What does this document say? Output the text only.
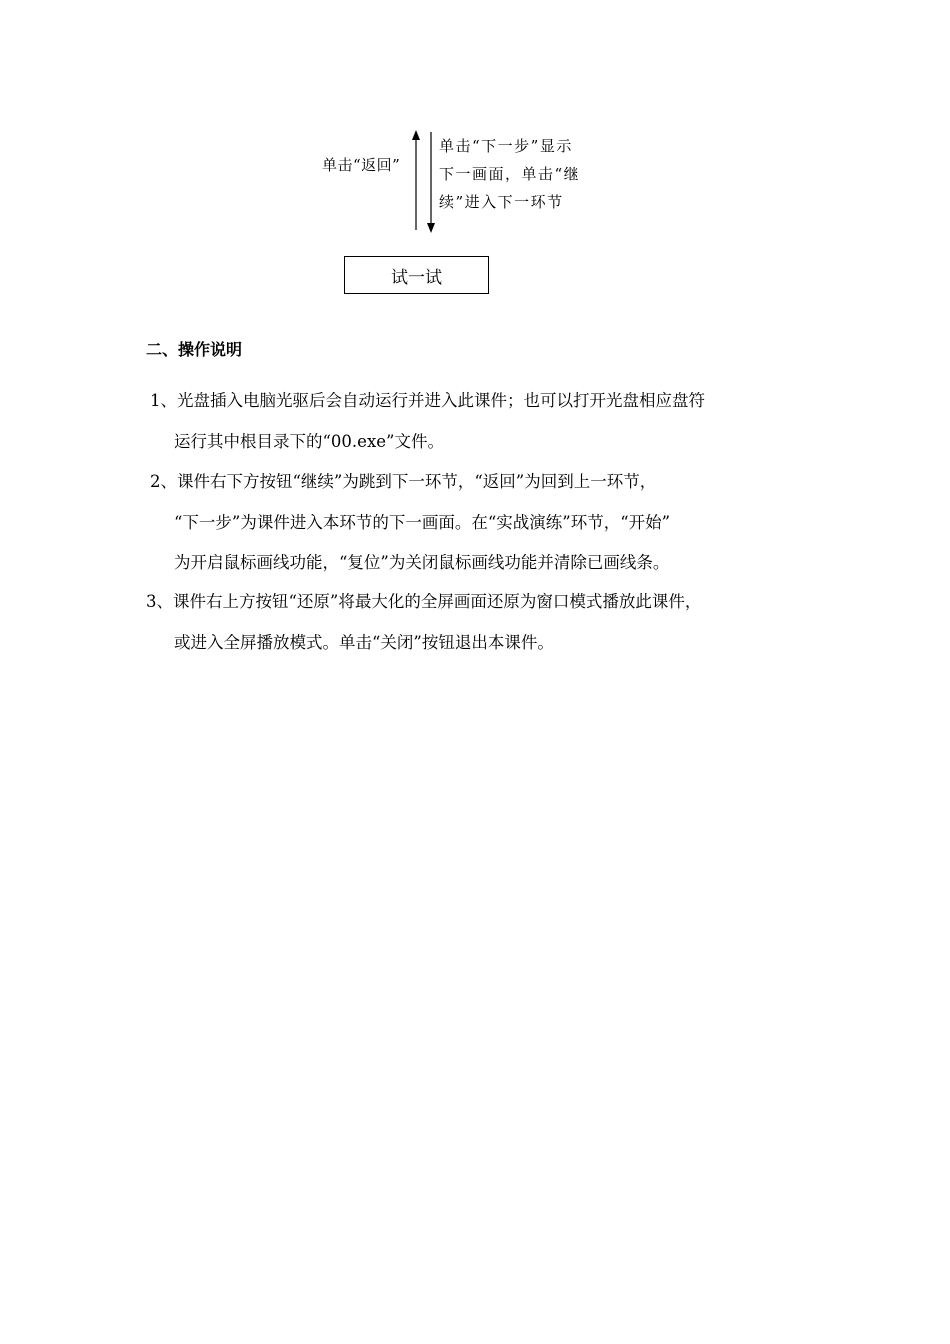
单击“返回”
单击“下一步”显示
下一画面，单击“继
续”进入下一环节
试一试
二、操作说明
1、光盘插入电脑光驱后会自动运行并进入此课件；也可以打开光盘相应盘符
运行其中根目录下的“00.exe”文件。
2、课件右下方按钮“继续”为跳到下一环节，“返回”为回到上一环节，
“下一步”为课件进入本环节的下一画面。在“实战演练”环节，“开始”
为开启鼠标画线功能，“复位”为关闭鼠标画线功能并清除已画线条。
3、课件右上方按钮“还原”将最大化的全屏画面还原为窗口模式播放此课件，
或进入全屏播放模式。单击“关闭”按钮退出本课件。
